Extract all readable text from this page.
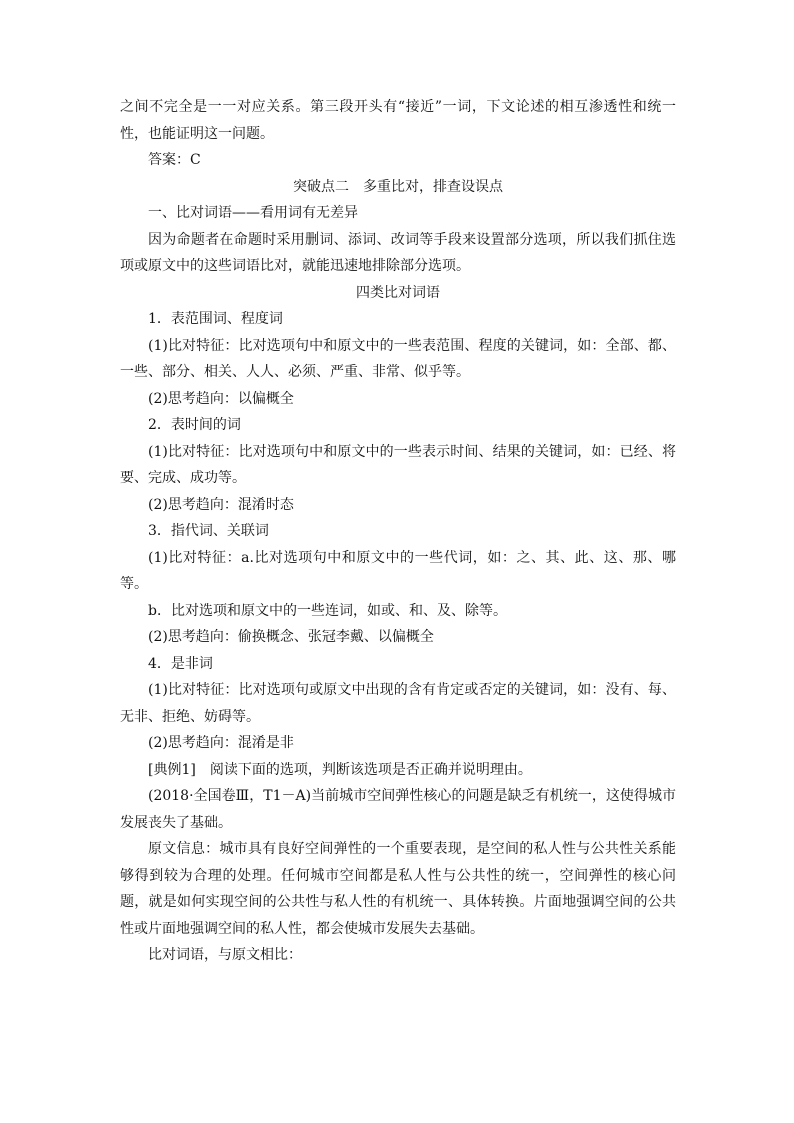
之间不完全是一一对应关系。第三段开头有“接近”一词，下文论述的相互渗透性和统一性，也能证明这一问题。

答案：C

突破点二　多重比对，排查设误点

一、比对词语——看用词有无差异

因为命题者在命题时采用删词、添词、改词等手段来设置部分选项，所以我们抓住选项或原文中的这些词语比对，就能迅速地排除部分选项。

四类比对词语

1．表范围词、程度词

(1)比对特征：比对选项句中和原文中的一些表范围、程度的关键词，如：全部、都、一些、部分、相关、人人、必须、严重、非常、似乎等。

(2)思考趋向：以偏概全

2．表时间的词

(1)比对特征：比对选项句中和原文中的一些表示时间、结果的关键词，如：已经、将要、完成、成功等。

(2)思考趋向：混淆时态

3．指代词、关联词

(1)比对特征：a.比对选项句中和原文中的一些代词，如：之、其、此、这、那、哪等。

b．比对选项和原文中的一些连词，如或、和、及、除等。

(2)思考趋向：偷换概念、张冠李戴、以偏概全

4．是非词

(1)比对特征：比对选项句或原文中出现的含有肯定或否定的关键词，如：没有、每、无非、拒绝、妨碍等。

(2)思考趋向：混淆是非

[典例1]　阅读下面的选项，判断该选项是否正确并说明理由。

(2018·全国卷Ⅲ，T1－A)当前城市空间弹性核心的问题是缺乏有机统一，这使得城市发展丧失了基础。

原文信息：城市具有良好空间弹性的一个重要表现，是空间的私人性与公共性关系能够得到较为合理的处理。任何城市空间都是私人性与公共性的统一，空间弹性的核心问题，就是如何实现空间的公共性与私人性的有机统一、具体转换。片面地强调空间的公共性或片面地强调空间的私人性，都会使城市发展失去基础。

比对词语，与原文相比：
